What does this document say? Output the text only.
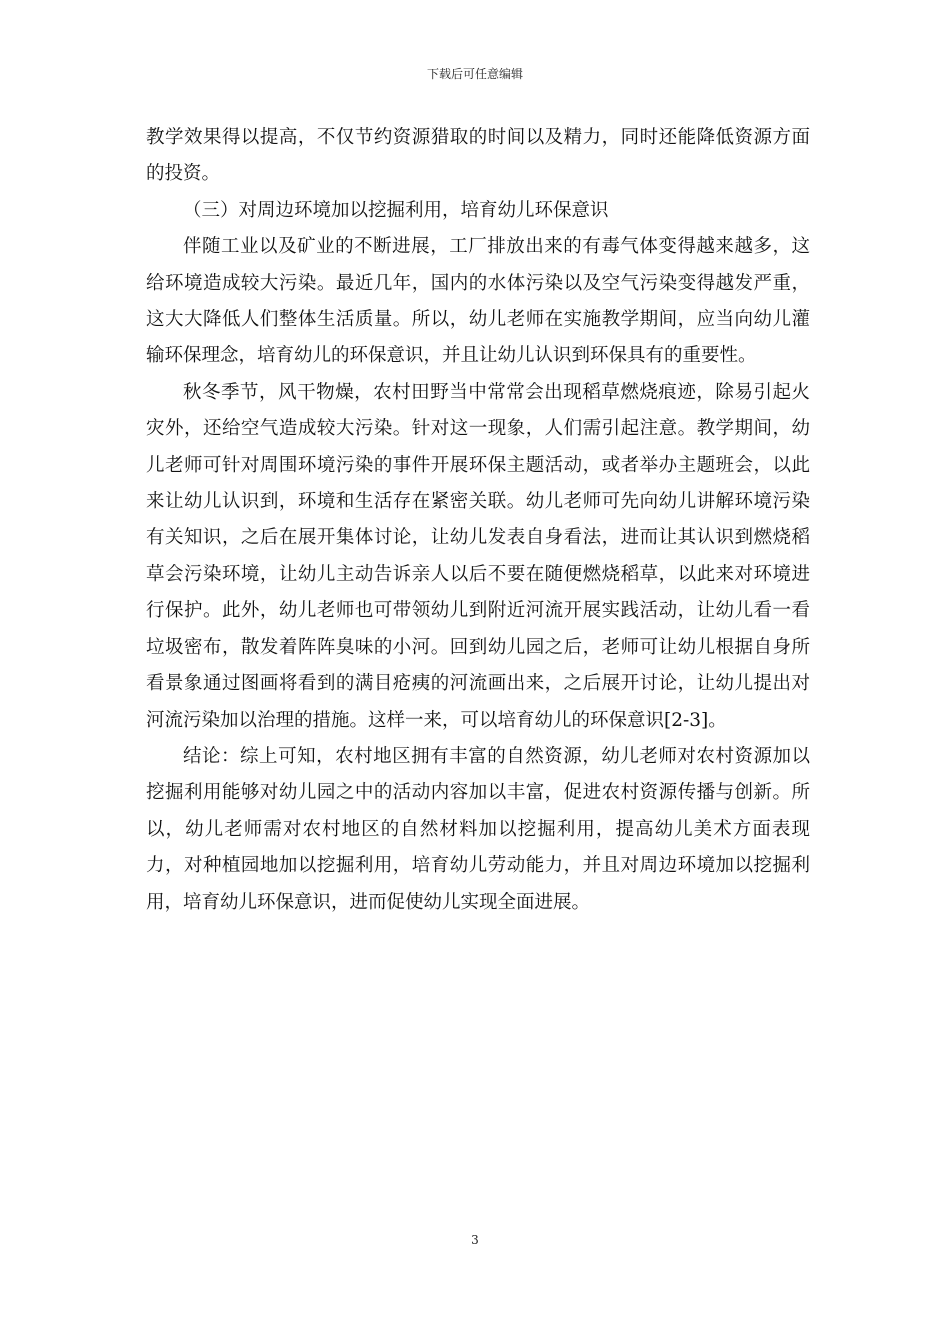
下载后可任意编辑

教学效果得以提高，不仅节约资源猎取的时间以及精力，同时还能降低资源方面的投资。

（三）对周边环境加以挖掘利用，培育幼儿环保意识

伴随工业以及矿业的不断进展，工厂排放出来的有毒气体变得越来越多，这给环境造成较大污染。最近几年，国内的水体污染以及空气污染变得越发严重，这大大降低人们整体生活质量。所以，幼儿老师在实施教学期间，应当向幼儿灌输环保理念，培育幼儿的环保意识，并且让幼儿认识到环保具有的重要性。

秋冬季节，风干物燥，农村田野当中常常会出现稻草燃烧痕迹，除易引起火灾外，还给空气造成较大污染。针对这一现象，人们需引起注意。教学期间，幼儿老师可针对周围环境污染的事件开展环保主题活动，或者举办主题班会，以此来让幼儿认识到，环境和生活存在紧密关联。幼儿老师可先向幼儿讲解环境污染有关知识，之后在展开集体讨论，让幼儿发表自身看法，进而让其认识到燃烧稻草会污染环境，让幼儿主动告诉亲人以后不要在随便燃烧稻草，以此来对环境进行保护。此外，幼儿老师也可带领幼儿到附近河流开展实践活动，让幼儿看一看垃圾密布，散发着阵阵臭味的小河。回到幼儿园之后，老师可让幼儿根据自身所看景象通过图画将看到的满目疮痍的河流画出来，之后展开讨论，让幼儿提出对河流污染加以治理的措施。这样一来，可以培育幼儿的环保意识[2-3]。

结论：综上可知，农村地区拥有丰富的自然资源，幼儿老师对农村资源加以挖掘利用能够对幼儿园之中的活动内容加以丰富，促进农村资源传播与创新。所以，幼儿老师需对农村地区的自然材料加以挖掘利用，提高幼儿美术方面表现力，对种植园地加以挖掘利用，培育幼儿劳动能力，并且对周边环境加以挖掘利用，培育幼儿环保意识，进而促使幼儿实现全面进展。

3
